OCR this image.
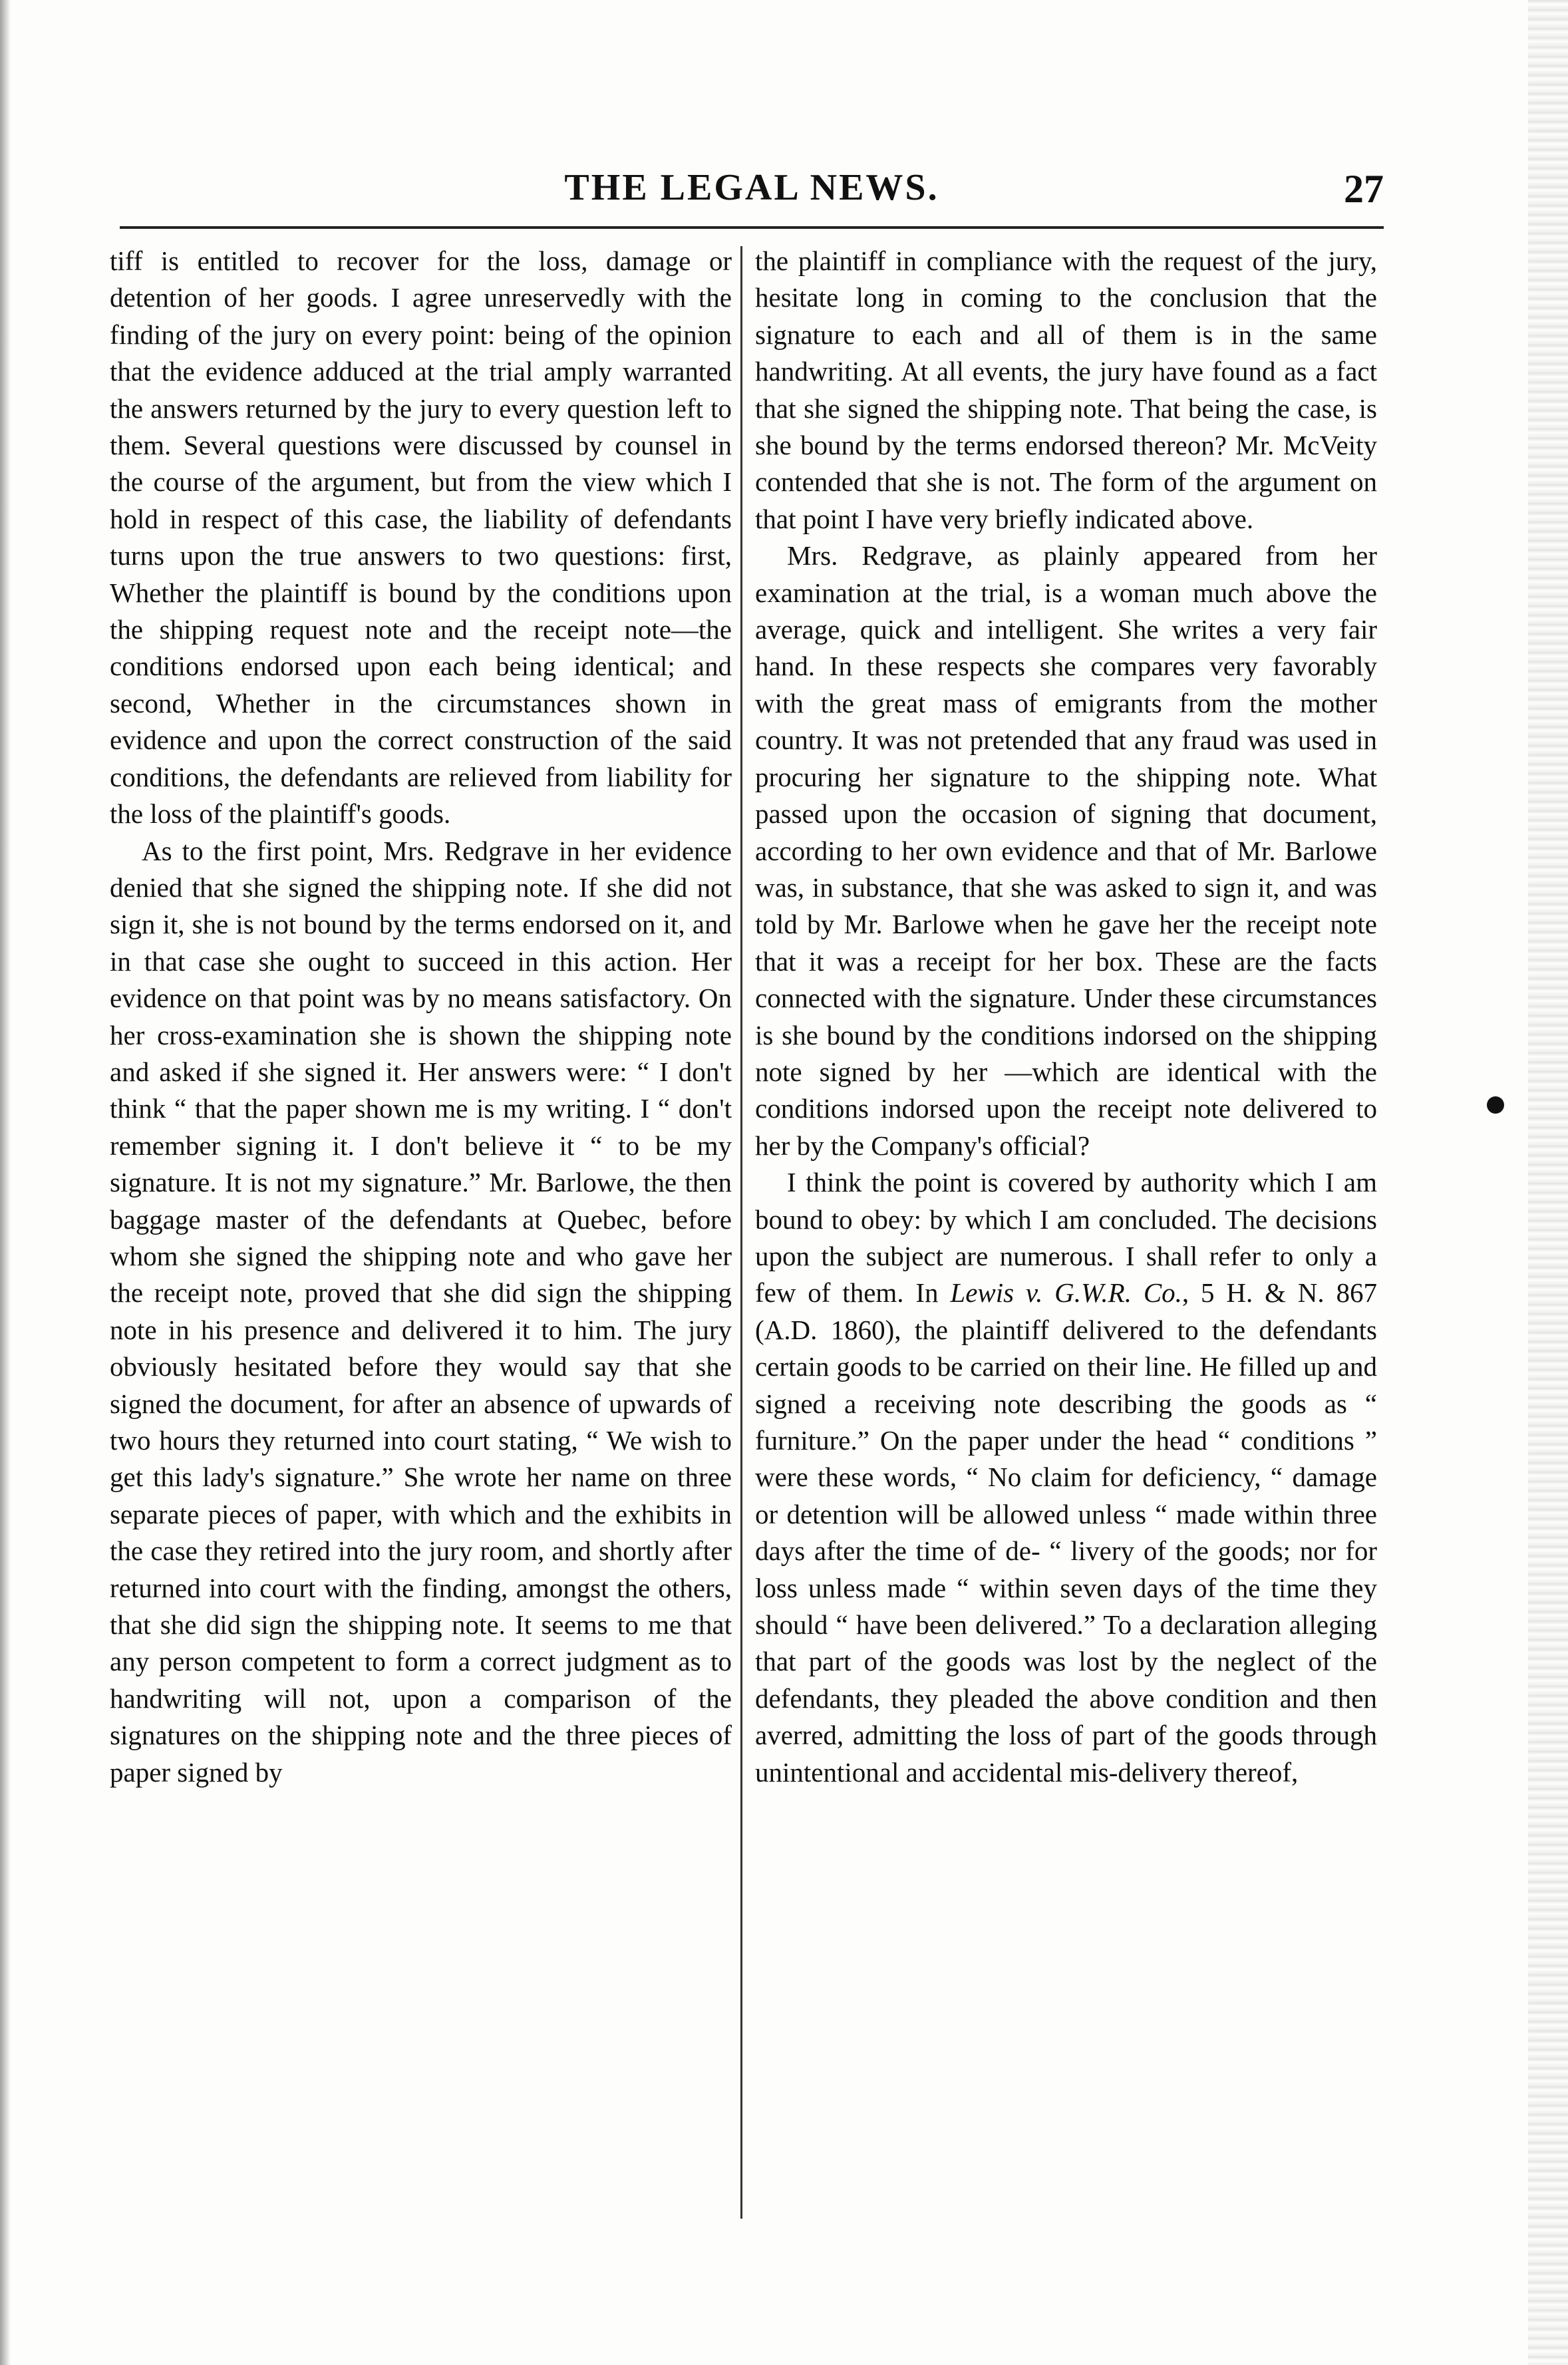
THE LEGAL NEWS.	27

tiff is entitled to recover for the loss, damage or detention of her goods. I agree unreservedly with the finding of the jury on every point: being of the opinion that the evidence adduced at the trial amply warranted the answers returned by the jury to every question left to them. Several questions were discussed by counsel in the course of the argument, but from the view which I hold in respect of this case, the liability of defendants turns upon the true answers to two questions: first, Whether the plaintiff is bound by the conditions upon the shipping request note and the receipt note—the conditions endorsed upon each being identical; and second, Whether in the circumstances shown in evidence and upon the correct construction of the said conditions, the defendants are relieved from liability for the loss of the plaintiff's goods.

As to the first point, Mrs. Redgrave in her evidence denied that she signed the shipping note. If she did not sign it, she is not bound by the terms endorsed on it, and in that case she ought to succeed in this action. Her evidence on that point was by no means satisfactory. On her cross-examination she is shown the shipping note and asked if she signed it. Her answers were: “ I don't think “ that the paper shown me is my writing. I “ don't remember signing it. I don't believe it “ to be my signature. It is not my signature.” Mr. Barlowe, the then baggage master of the defendants at Quebec, before whom she signed the shipping note and who gave her the receipt note, proved that she did sign the shipping note in his presence and delivered it to him. The jury obviously hesitated before they would say that she signed the document, for after an absence of upwards of two hours they returned into court stating, “ We wish to get this lady's signature.” She wrote her name on three separate pieces of paper, with which and the exhibits in the case they retired into the jury room, and shortly after returned into court with the finding, amongst the others, that she did sign the shipping note. It seems to me that any person competent to form a correct judgment as to handwriting will not, upon a comparison of the signatures on the shipping note and the three pieces of paper signed by

the plaintiff in compliance with the request of the jury, hesitate long in coming to the conclusion that the signature to each and all of them is in the same handwriting. At all events, the jury have found as a fact that she signed the shipping note. That being the case, is she bound by the terms endorsed thereon? Mr. McVeity contended that she is not. The form of the argument on that point I have very briefly indicated above.

Mrs. Redgrave, as plainly appeared from her examination at the trial, is a woman much above the average, quick and intelligent. She writes a very fair hand. In these respects she compares very favorably with the great mass of emigrants from the mother country. It was not pretended that any fraud was used in procuring her signature to the shipping note. What passed upon the occasion of signing that document, according to her own evidence and that of Mr. Barlowe was, in substance, that she was asked to sign it, and was told by Mr. Barlowe when he gave her the receipt note that it was a receipt for her box. These are the facts connected with the signature. Under these circumstances is she bound by the conditions indorsed on the shipping note signed by her —which are identical with the conditions indorsed upon the receipt note delivered to her by the Company's official?

I think the point is covered by authority which I am bound to obey: by which I am concluded. The decisions upon the subject are numerous. I shall refer to only a few of them. In Lewis v. G.W.R. Co., 5 H. & N. 867 (A.D. 1860), the plaintiff delivered to the defendants certain goods to be carried on their line. He filled up and signed a receiving note describing the goods as “ furniture.” On the paper under the head “ conditions ” were these words, “ No claim for deficiency, “ damage or detention will be allowed unless “ made within three days after the time of de- “ livery of the goods; nor for loss unless made “ within seven days of the time they should “ have been delivered.” To a declaration alleging that part of the goods was lost by the neglect of the defendants, they pleaded the above condition and then averred, admitting the loss of part of the goods through unintentional and accidental mis-delivery thereof,
